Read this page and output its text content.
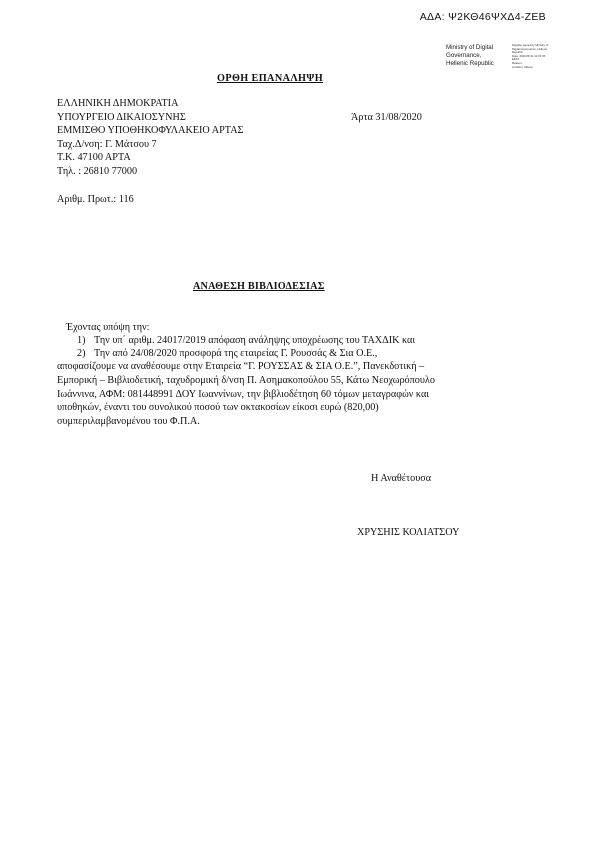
ΑΔΑ: Ψ2ΚΘ46ΨΧΔ4-ΖΕΒ
Ministry of Digital
Governance,
Hellenic Republic
Digitally signed by Ministry of
Digital Governance, Hellenic
Republic
Date: 2020.08.31 12:15:36
EEST
Reason:
Location: Athens
ΟΡΘΗ ΕΠΑΝΑΛΗΨΗ
ΕΛΛΗΝΙΚΗ ΔΗΜΟΚΡΑΤΙΑ
ΥΠΟΥΡΓΕΙΟ ΔΙΚΑΙΟΣΥΝΗΣ
ΕΜΜΙΣΘΟ ΥΠΟΘΗΚΟΦΥΛΑΚΕΙΟ ΑΡΤΑΣ
Ταχ.Δ/νση: Γ. Μάτσου 7
Τ.Κ. 47100 ΑΡΤΑ
Τηλ. : 26810 77000
Άρτα 31/08/2020
Αριθμ. Πρωτ.: 116
ΑΝΑΘΕΣΗ ΒΙΒΛΙΟΔΕΣΙΑΣ
Έχοντας υπόψη την:
1) Την υπ΄ αριθμ. 24017/2019 απόφαση ανάληψης υποχρέωσης του ΤΑΧΔΙΚ και
2) Την από 24/08/2020 προσφορά της εταιρείας Γ. Ρουσσάς & Σια Ο.Ε.,
αποφασίζουμε να αναθέσουμε στην Εταιρεία “Γ. ΡΟΥΣΣΑΣ & ΣΙΑ Ο.Ε.”, Πανεκδοτική –
Εμπορική – Βιβλιοδετική, ταχυδρομική δ/νση Π. Ασημακοπούλου 55, Κάτω Νεοχωρόπουλο
Ιωάννινα, ΑΦΜ: 081448991 ΔΟΥ Ιωαννίνων, την βιβλιοδέτηση 60 τόμων μεταγραφών και
υποθηκών, έναντι του συνολικού ποσού των οκτακοσίων είκοσι ευρώ (820,00)
συμπεριλαμβανομένου του Φ.Π.Α.
Η Αναθέτουσα
ΧΡΥΣΗΙΣ ΚΟΛΙΑΤΣΟΥ
